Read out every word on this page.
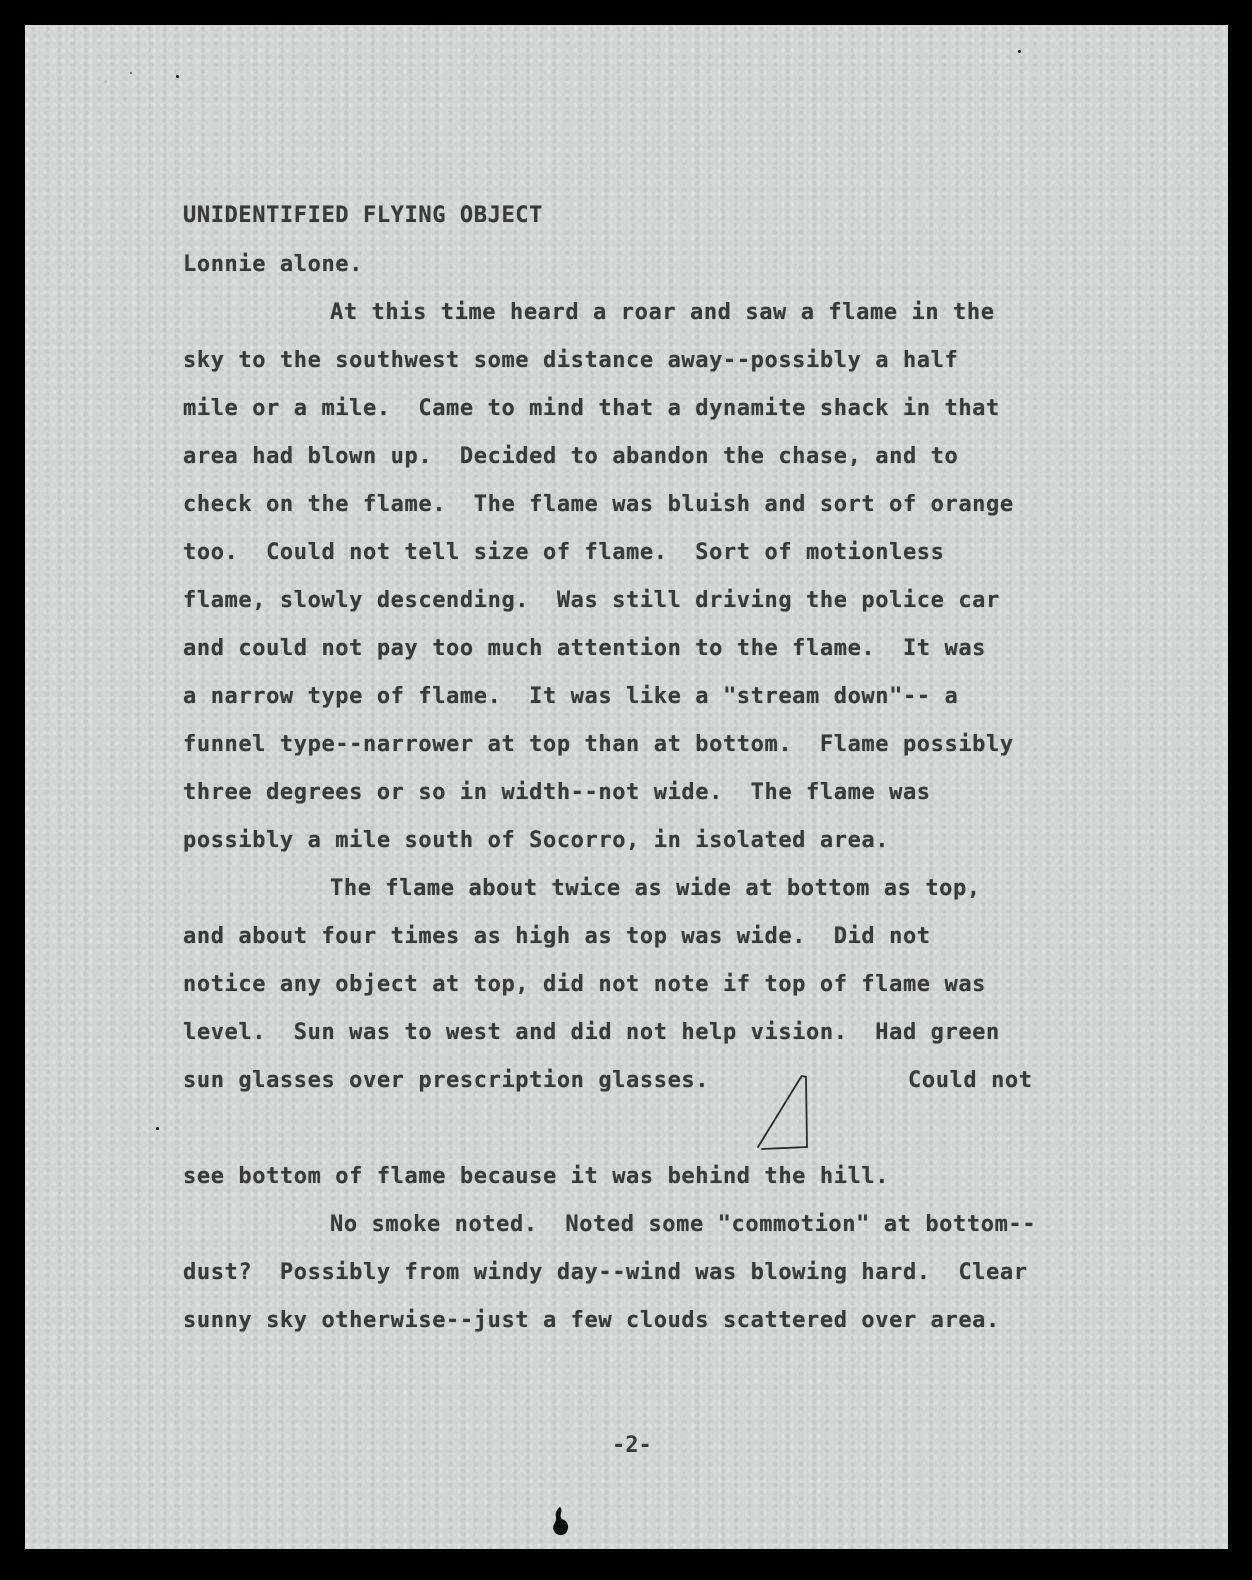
UNIDENTIFIED FLYING OBJECT
Lonnie alone.
At this time heard a roar and saw a flame in the
sky to the southwest some distance away--possibly a half
mile or a mile.  Came to mind that a dynamite shack in that
area had blown up.  Decided to abandon the chase, and to
check on the flame.  The flame was bluish and sort of orange
too.  Could not tell size of flame.  Sort of motionless
flame, slowly descending.  Was still driving the police car
and could not pay too much attention to the flame.  It was
a narrow type of flame.  It was like a "stream down"-- a
funnel type--narrower at top than at bottom.  Flame possibly
three degrees or so in width--not wide.  The flame was
possibly a mile south of Socorro, in isolated area.
The flame about twice as wide at bottom as top,
and about four times as high as top was wide.  Did not
notice any object at top, did not note if top of flame was
level.  Sun was to west and did not help vision.  Had green
sun glasses over prescription glasses.	Could not
see bottom of flame because it was behind the hill.
No smoke noted.  Noted some "commotion" at bottom--
dust?  Possibly from windy day--wind was blowing hard.  Clear
sunny sky otherwise--just a few clouds scattered over area.
-2-
